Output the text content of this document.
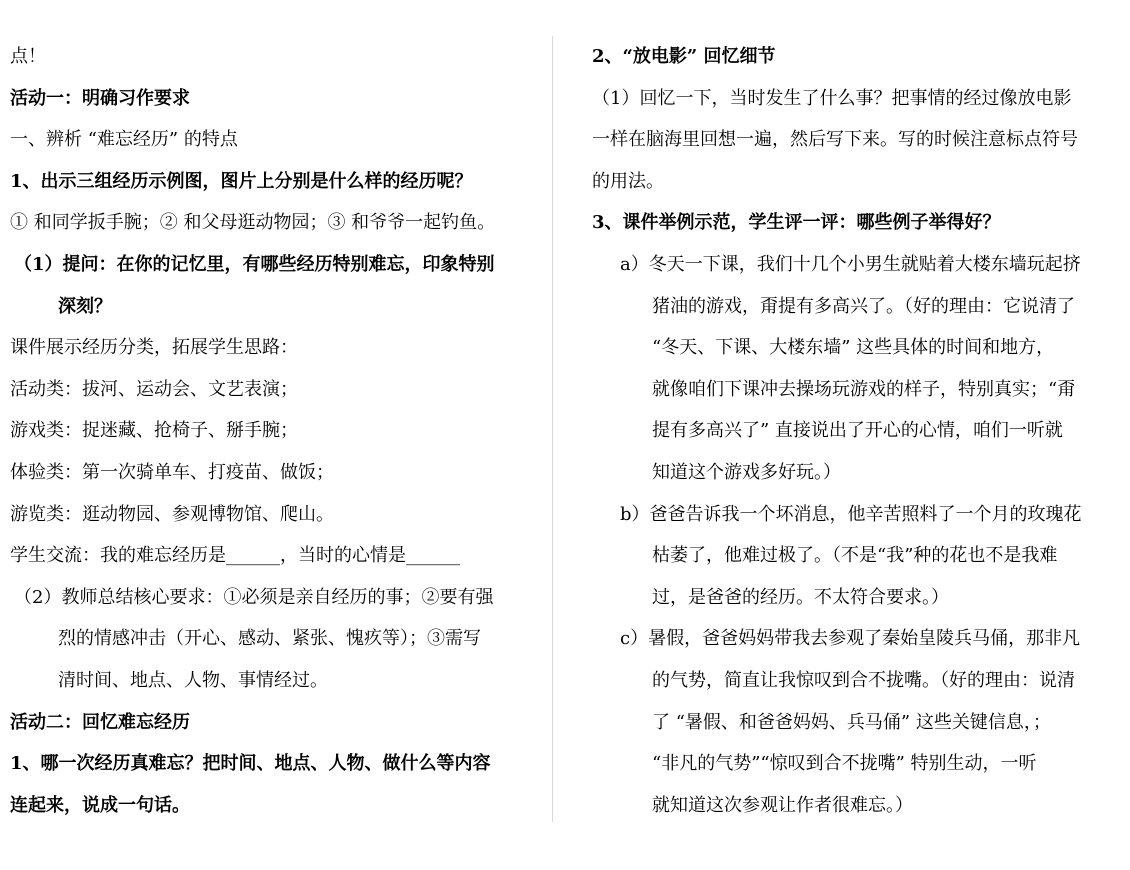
点！
活动一：明确习作要求
一、辨析 “难忘经历” 的特点
1、出示三组经历示例图，图片上分别是什么样的经历呢？
① 和同学扳手腕；② 和父母逛动物园；③ 和爷爷一起钓鱼。
（1）提问：在你的记忆里，有哪些经历特别难忘，印象特别
深刻？
课件展示经历分类，拓展学生思路：
活动类：拔河、运动会、文艺表演；
游戏类：捉迷藏、抢椅子、掰手腕；
体验类：第一次骑单车、打疫苗、做饭；
游览类：逛动物园、参观博物馆、爬山。
学生交流：我的难忘经历是______，当时的心情是______
（2）教师总结核心要求：①必须是亲自经历的事；②要有强
烈的情感冲击（开心、感动、紧张、愧疚等）；③需写
清时间、地点、人物、事情经过。
活动二：回忆难忘经历
1、哪一次经历真难忘？把时间、地点、人物、做什么等内容
连起来，说成一句话。
2、“放电影” 回忆细节
（1）回忆一下，当时发生了什么事？把事情的经过像放电影
一样在脑海里回想一遍，然后写下来。写的时候注意标点符号
的用法。
3、课件举例示范，学生评一评：哪些例子举得好？
a）冬天一下课，我们十几个小男生就贴着大楼东墙玩起挤
猪油的游戏，甭提有多高兴了。（好的理由：它说清了
“冬天、下课、大楼东墙” 这些具体的时间和地方，
就像咱们下课冲去操场玩游戏的样子，特别真实；“甭
提有多高兴了” 直接说出了开心的心情，咱们一听就
知道这个游戏多好玩。）
b）爸爸告诉我一个坏消息，他辛苦照料了一个月的玫瑰花
枯萎了，他难过极了。（不是“我”种的花也不是我难
过，是爸爸的经历。不太符合要求。）
c）暑假，爸爸妈妈带我去参观了秦始皇陵兵马俑，那非凡
的气势，简直让我惊叹到合不拢嘴。（好的理由：说清
了 “暑假、和爸爸妈妈、兵马俑” 这些关键信息，；
“非凡的气势”“惊叹到合不拢嘴” 特别生动，一听
就知道这次参观让作者很难忘。）
